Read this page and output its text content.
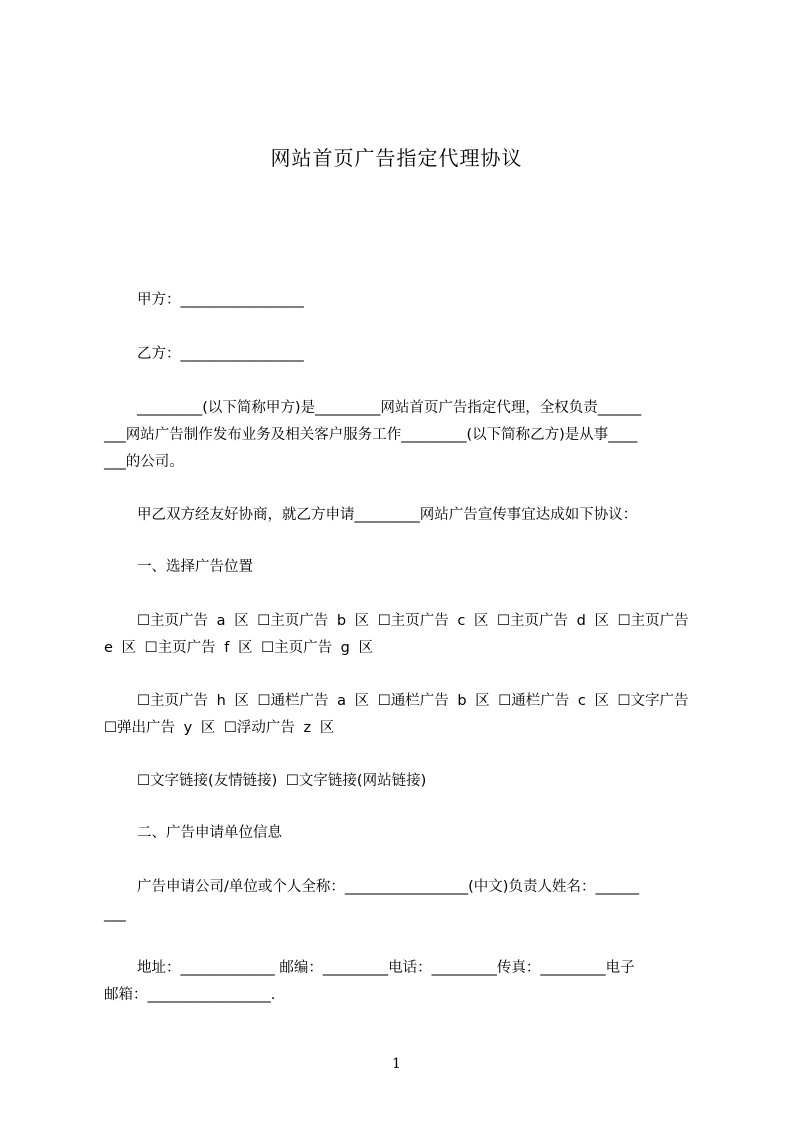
网站首页广告指定代理协议
甲方：_________________
乙方：_________________
_________(以下简称甲方)是_________网站首页广告指定代理，全权负责______
___网站广告制作发布业务及相关客户服务工作_________(以下简称乙方)是从事____
___的公司。
甲乙双方经友好协商，就乙方申请_________网站广告宣传事宜达成如下协议：
一、选择广告位置
☐主页广告 a 区 ☐主页广告 b 区 ☐主页广告 c 区 ☐主页广告 d 区 ☐主页广告
e 区 ☐主页广告 f 区 ☐主页广告 g 区
☐主页广告 h 区 ☐通栏广告 a 区 ☐通栏广告 b 区 ☐通栏广告 c 区 ☐文字广告
☐弹出广告 y 区 ☐浮动广告 z 区
☐文字链接(友情链接) ☐文字链接(网站链接)
二、广告申请单位信息
广告申请公司/单位或个人全称：_________________(中文)负责人姓名：______
___
地址：_____________ 邮编：_________电话：_________传真：_________电子
邮箱：_________________.
1
